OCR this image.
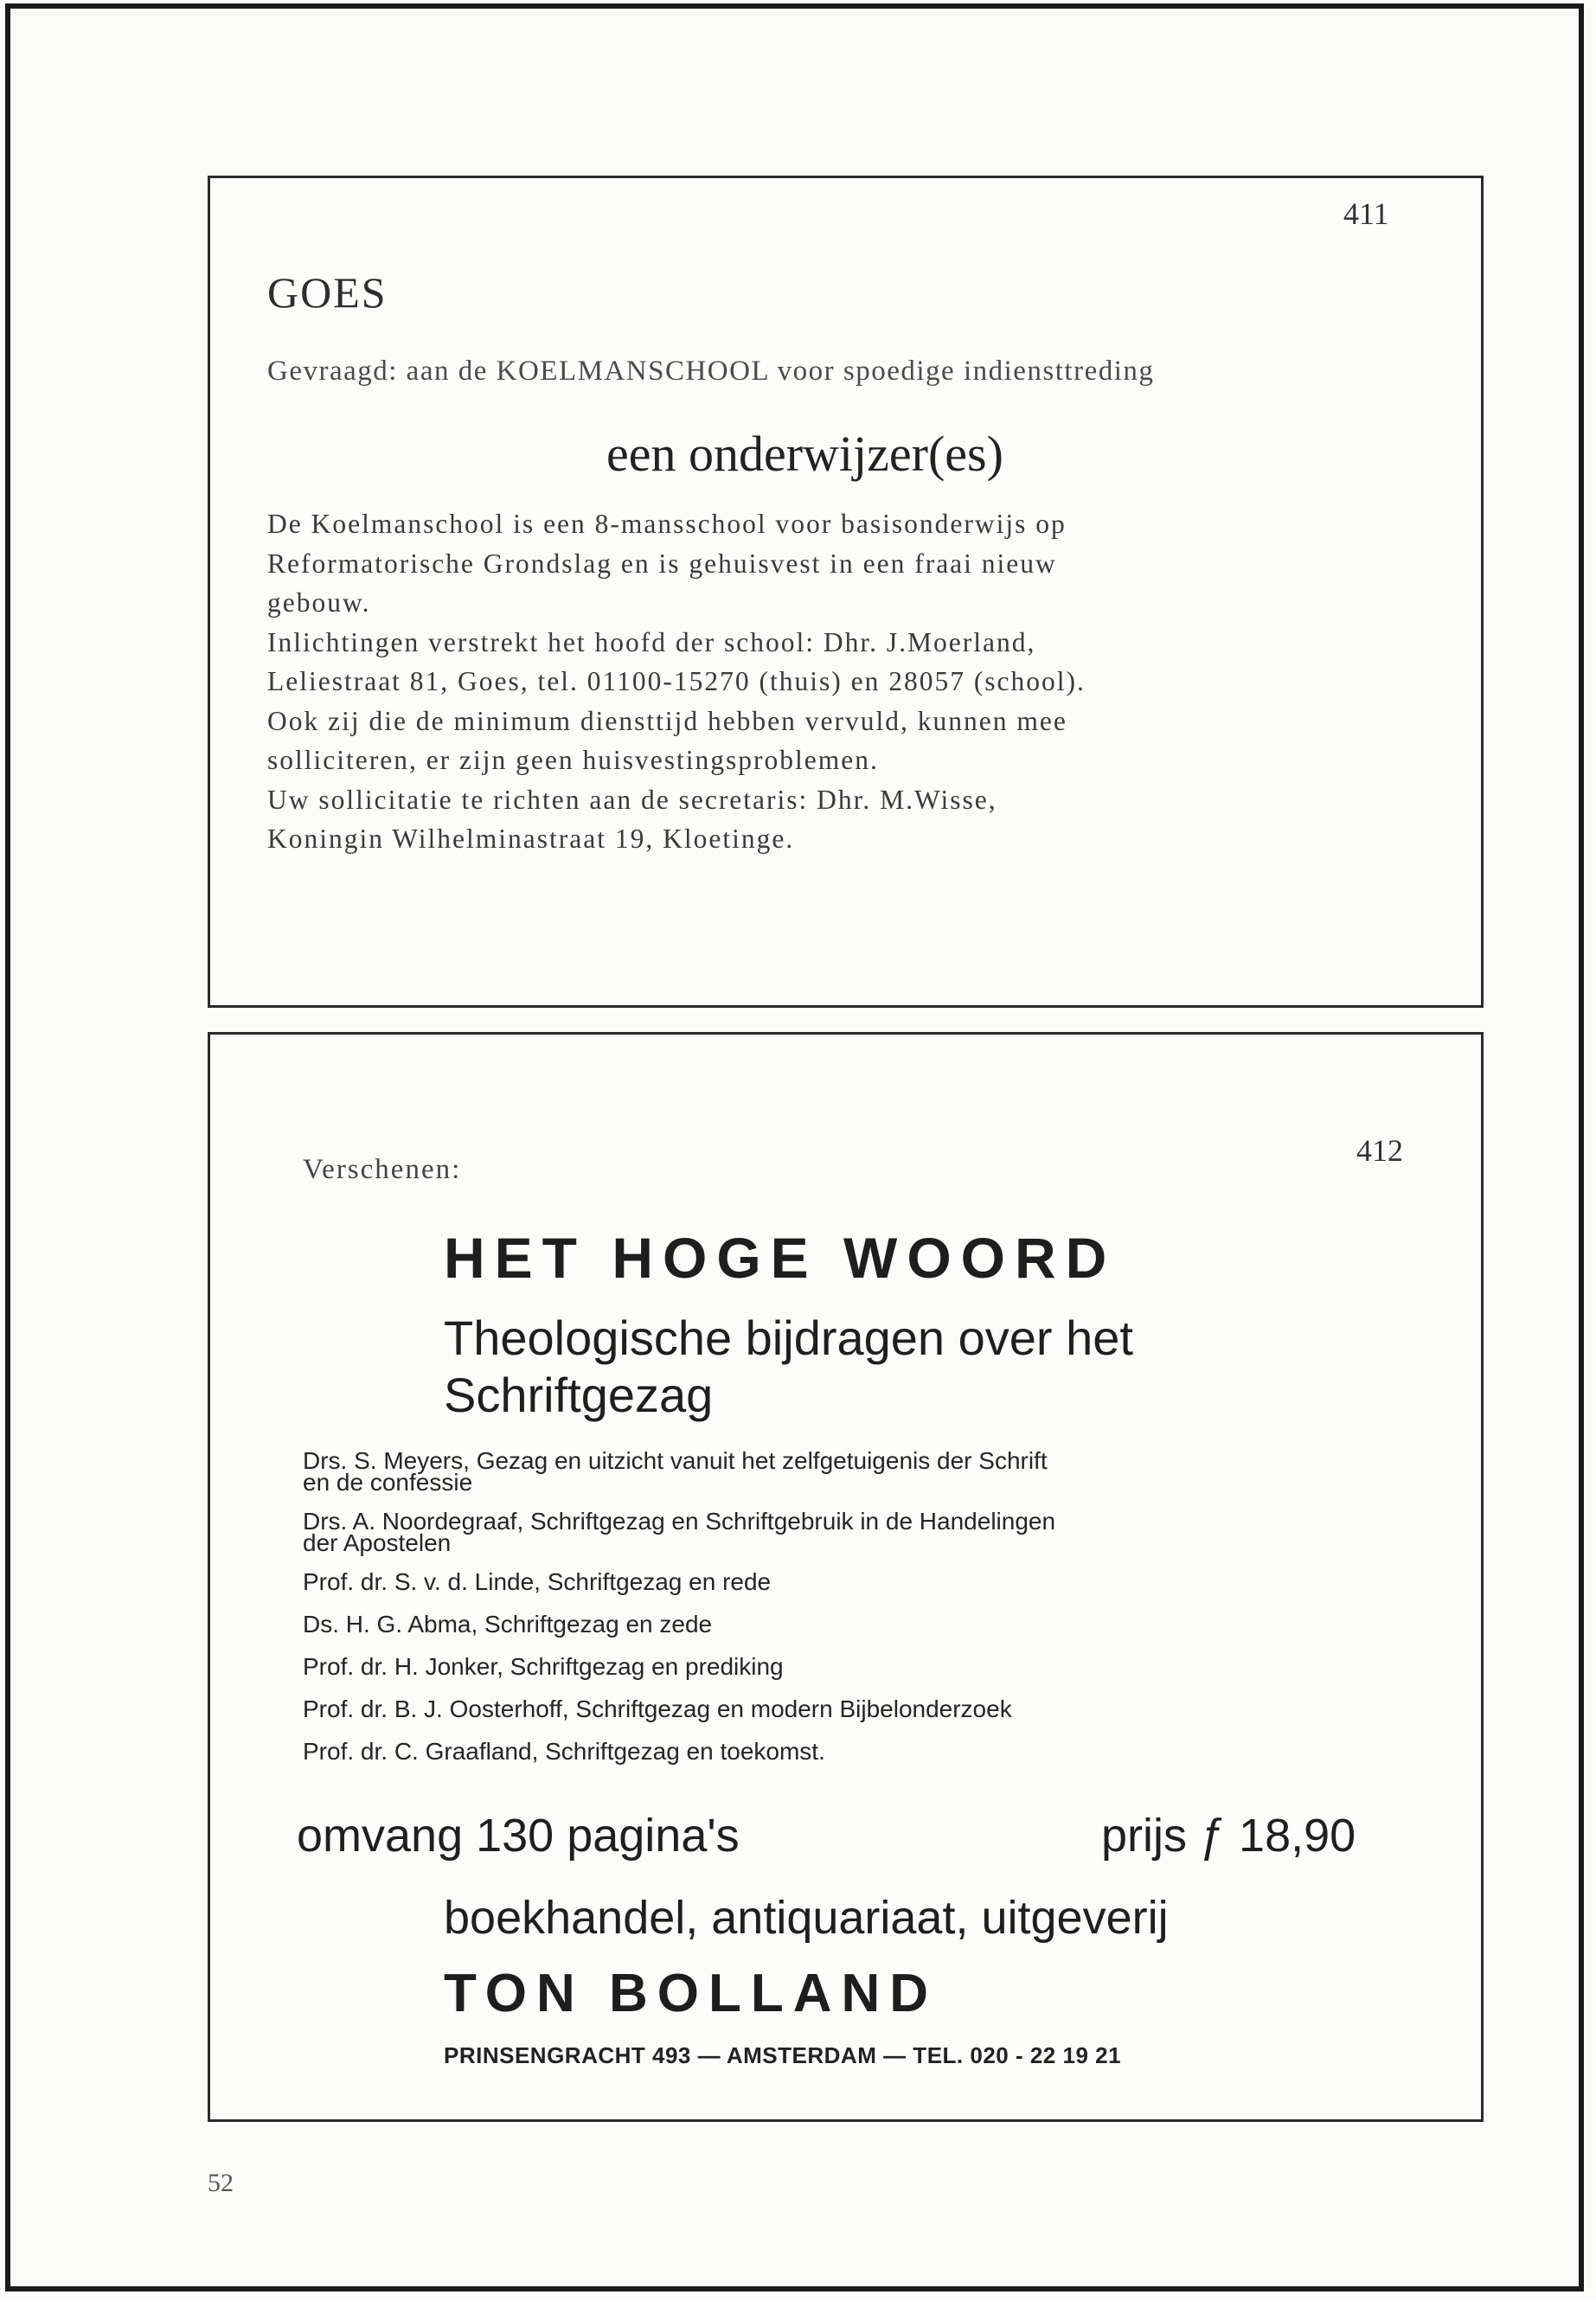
411
GOES
Gevraagd: aan de KOELMANSCHOOL voor spoedige indiensttreding
een onderwijzer(es)
De Koelmanschool is een 8-mansschool voor basisonderwijs op
Reformatorische Grondslag en is gehuisvest in een fraai nieuw
gebouw.
Inlichtingen verstrekt het hoofd der school: Dhr. J.Moerland,
Leliestraat 81, Goes, tel. 01100-15270 (thuis) en 28057 (school).
Ook zij die de minimum diensttijd hebben vervuld, kunnen mee
solliciteren, er zijn geen huisvestingsproblemen.
Uw sollicitatie te richten aan de secretaris: Dhr. M.Wisse,
Koningin Wilhelminastraat 19, Kloetinge.
412
Verschenen:
HET HOGE WOORD
Theologische bijdragen over het
Schriftgezag
Drs. S. Meyers, Gezag en uitzicht vanuit het zelfgetuigenis der Schrift
en de confessie
Drs. A. Noordegraaf, Schriftgezag en Schriftgebruik in de Handelingen
der Apostelen
Prof. dr. S. v. d. Linde, Schriftgezag en rede
Ds. H. G. Abma, Schriftgezag en zede
Prof. dr. H. Jonker, Schriftgezag en prediking
Prof. dr. B. J. Oosterhoff, Schriftgezag en modern Bijbelonderzoek
Prof. dr. C. Graafland, Schriftgezag en toekomst.
omvang 130 pagina's	prijs ƒ 18,90
boekhandel, antiquariaat, uitgeverij
TON BOLLAND
PRINSENGRACHT 493 — AMSTERDAM — TEL. 020 - 22 19 21
52
